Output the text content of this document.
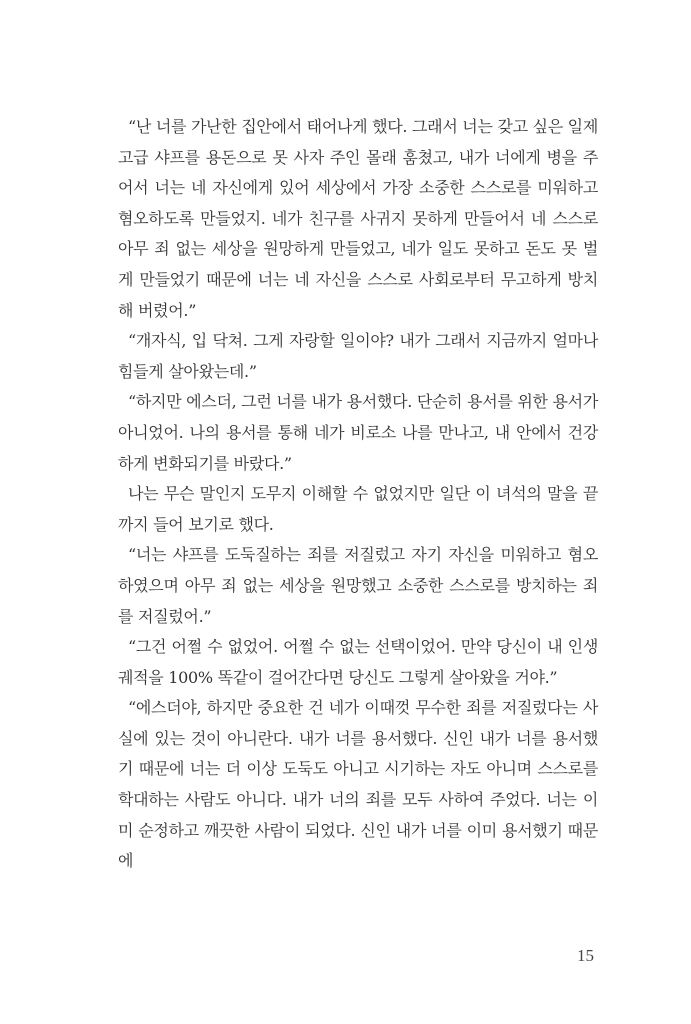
“난 너를 가난한 집안에서 태어나게 했다. 그래서 너는 갖고 싶은 일제 고급 샤프를 용돈으로 못 사자 주인 몰래 훔쳤고, 내가 너에게 병을 주어서 너는 네 자신에게 있어 세상에서 가장 소중한 스스로를 미워하고 혐오하도록 만들었지. 네가 친구를 사귀지 못하게 만들어서 네 스스로 아무 죄 없는 세상을 원망하게 만들었고, 네가 일도 못하고 돈도 못 벌게 만들었기 때문에 너는 네 자신을 스스로 사회로부터 무고하게 방치해 버렸어.”

“개자식, 입 닥쳐. 그게 자랑할 일이야? 내가 그래서 지금까지 얼마나 힘들게 살아왔는데.”

“하지만 에스더, 그런 너를 내가 용서했다. 단순히 용서를 위한 용서가 아니었어. 나의 용서를 통해 네가 비로소 나를 만나고, 내 안에서 건강하게 변화되기를 바랐다.”

나는 무슨 말인지 도무지 이해할 수 없었지만 일단 이 녀석의 말을 끝까지 들어 보기로 했다.

“너는 샤프를 도둑질하는 죄를 저질렀고 자기 자신을 미워하고 혐오하였으며 아무 죄 없는 세상을 원망했고 소중한 스스로를 방치하는 죄를 저질렀어.”

“그건 어쩔 수 없었어. 어쩔 수 없는 선택이었어. 만약 당신이 내 인생 궤적을 100% 똑같이 걸어간다면 당신도 그렇게 살아왔을 거야.”

“에스더야, 하지만 중요한 건 네가 이때껏 무수한 죄를 저질렀다는 사실에 있는 것이 아니란다. 내가 너를 용서했다. 신인 내가 너를 용서했기 때문에 너는 더 이상 도둑도 아니고 시기하는 자도 아니며 스스로를 학대하는 사람도 아니다. 내가 너의 죄를 모두 사하여 주었다. 너는 이미 순정하고 깨끗한 사람이 되었다. 신인 내가 너를 이미 용서했기 때문에

15
